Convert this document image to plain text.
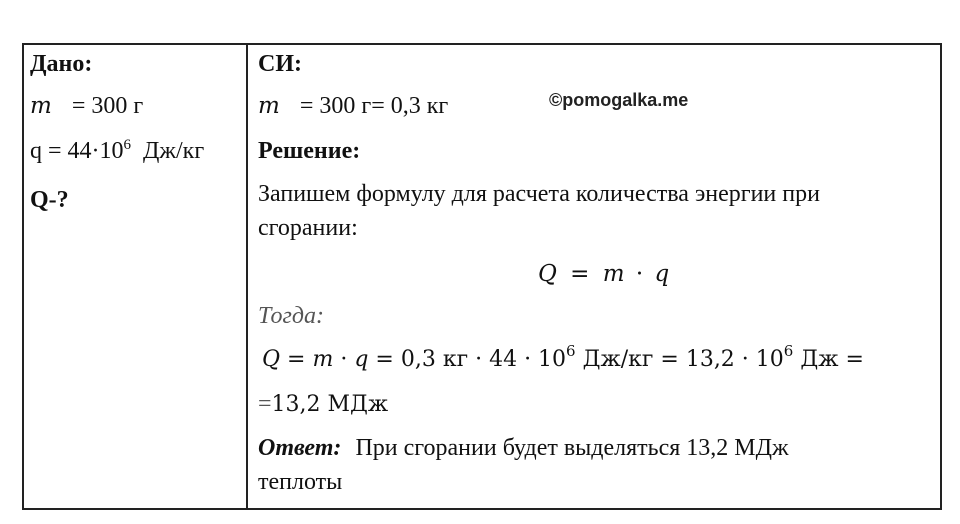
Дано:
m = 300 г
$q = 44\cdot 10^6$ Дж/кг
Q-?
СИ:
m = 300 г= 0,3 кг	©pomogalka.me
Решение:
Запишем формулу для расчета количества энергии при
сгорании:
Q = m · q
Тогда:
Q = m · q = 0,3 кг · $44 \cdot 10^6$ $Дж/кг = 13,2 \cdot 10^6$ Дж =
=13,2 МДж
Ответ: При сгорании будет выделяться 13,2 МДж
теплоты
